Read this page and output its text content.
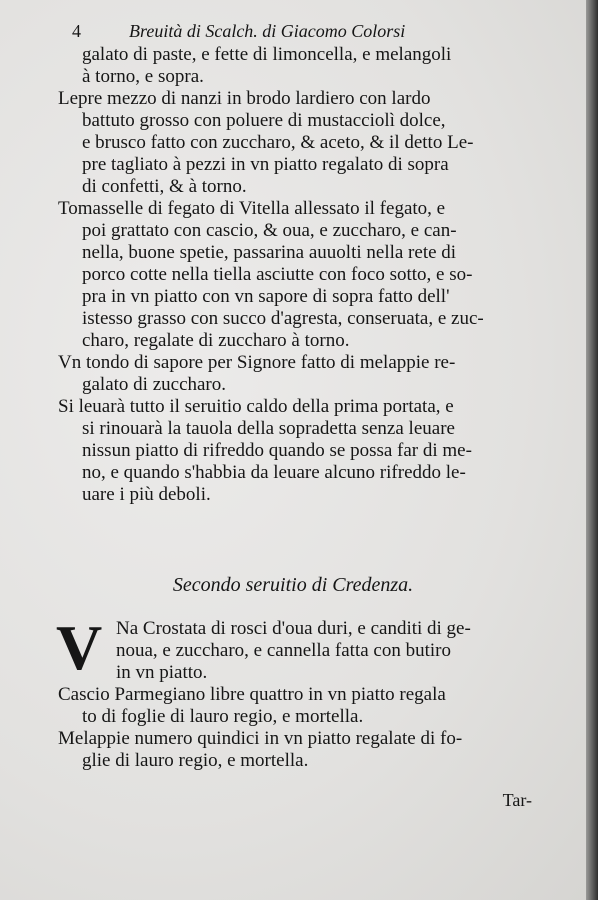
4	Breuità di Scalch. di Giacomo Colorsi
galato di paste, e fette di limoncella, e melangoli
à torno, e sopra.
Lepre mezzo di nanzi in brodo lardiero con lardo
battuto grosso con poluere di mustacciolì dolce,
e brusco fatto con zuccharo, & aceto, & il detto Le-
pre tagliato à pezzi in vn piatto regalato di sopra
di confetti, & à torno.
Tomasselle di fegato di Vitella allessato il fegato, e
poi grattato con cascio, & oua, e zuccharo, e can-
nella, buone spetie, passarina auuolti nella rete di
porco cotte nella tiella asciutte con foco sotto, e so-
pra in vn piatto con vn sapore di sopra fatto dell'
istesso grasso con succo d'agresta, conseruata, e zuc-
charo, regalate di zuccharo à torno.
Vn tondo di sapore per Signore fatto di melappie re-
galato di zuccharo.
Si leuarà tutto il seruitio caldo della prima portata, e
si rinouarà la tauola della sopradetta senza leuare
nissun piatto di rifreddo quando se possa far di me-
no, e quando s'habbia da leuare alcuno rifreddo le-
uare i più deboli.
Secondo seruitio di Credenza.
V Na Crostata di rosci d'oua duri, e canditi di ge-
noua, e zuccharo, e cannella fatta con butiro
in vn piatto.
Cascio Parmegiano libre quattro in vn piatto regala
to di foglie di lauro regio, e mortella.
Melappie numero quindici in vn piatto regalate di fo-
glie di lauro regio, e mortella.
Tar-
